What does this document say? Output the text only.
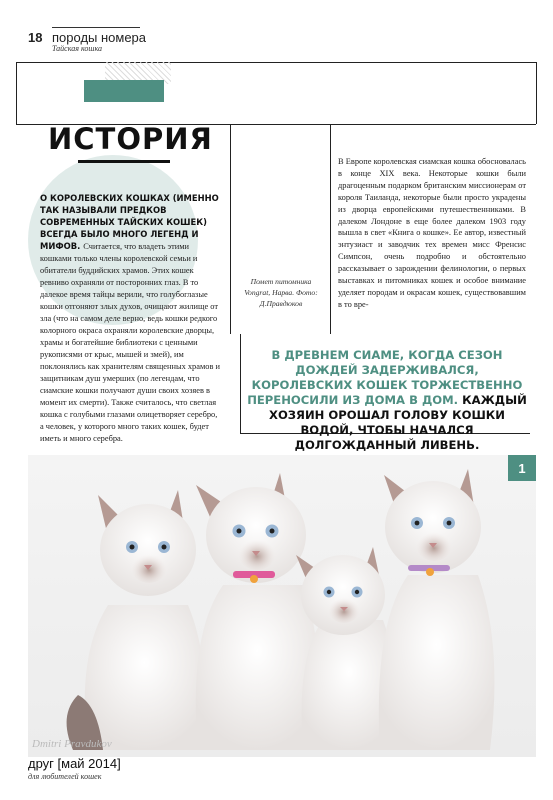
18 породы номера
Тайская кошка
ИСТОРИЯ
О КОРОЛЕВСКИХ КОШКАХ (ИМЕННО ТАК НАЗЫВАЛИ ПРЕДКОВ СОВРЕМЕННЫХ ТАЙСКИХ КОШЕК) ВСЕГДА БЫЛО МНОГО ЛЕГЕНД И МИФОВ. Считается, что владеть этими кошками только члены королевской семьи и обитатели буддийских храмов. Этих кошек ревниво охраняли от посторонних глаз. В то далекое время тайцы верили, что голубоглазые кошки отгоняют злых духов, очищают жилище от зла (что на самом деле верно, ведь кошки редкого колорного окраса охраняли королевские дворцы, храмы и богатейшие библиотеки с ценными рукописями от крыс, мышей и змей), им поклонялись как хранителям священных храмов и защитникам душ умерших (по легендам, что сиамские кошки получают души своих хозяев в момент их смерти). Также считалось, что светлая кошка с голубыми глазами олицетворяет серебро, а человек, у которого много таких кошек, будет иметь и много серебра.
Помет питомника Vongrat, Нарва. Фото: Д.Правдюков
В Европе королевская сиамская кошка обосновалась в конце XIX века. Некоторые кошки были драгоценным подарком британским миссионерам от короля Таиланда, некоторые были просто украдены из дворца европейскими путешественниками. В далеком Лондоне в еще более далеком 1903 году вышла в свет «Книга о кошке». Ее автор, известный энтузиаст и заводчик тех времен мисс Френсис Симпсон, очень подробно и обстоятельно рассказывает о зарождении фелинологии, о первых выставках и питомниках кошек и особое внимание уделяет породам и окрасам кошек, существовавшим в то вре-
В ДРЕВНЕМ СИАМЕ, КОГДА СЕЗОН ДОЖДЕЙ ЗАДЕРЖИВАЛСЯ, КОРОЛЕВСКИХ КОШЕК ТОРЖЕСТВЕННО ПЕРЕНОСИЛИ ИЗ ДОМА В ДОМ. КАЖДЫЙ ХОЗЯИН ОРОШАЛ ГОЛОВУ КОШКИ ВОДОЙ, ЧТОБЫ НАЧАЛСЯ ДОЛГОЖДАННЫЙ ЛИВЕНЬ.
1
Dmitri Pravdukov
друг [май 2014]
для любителей кошек
